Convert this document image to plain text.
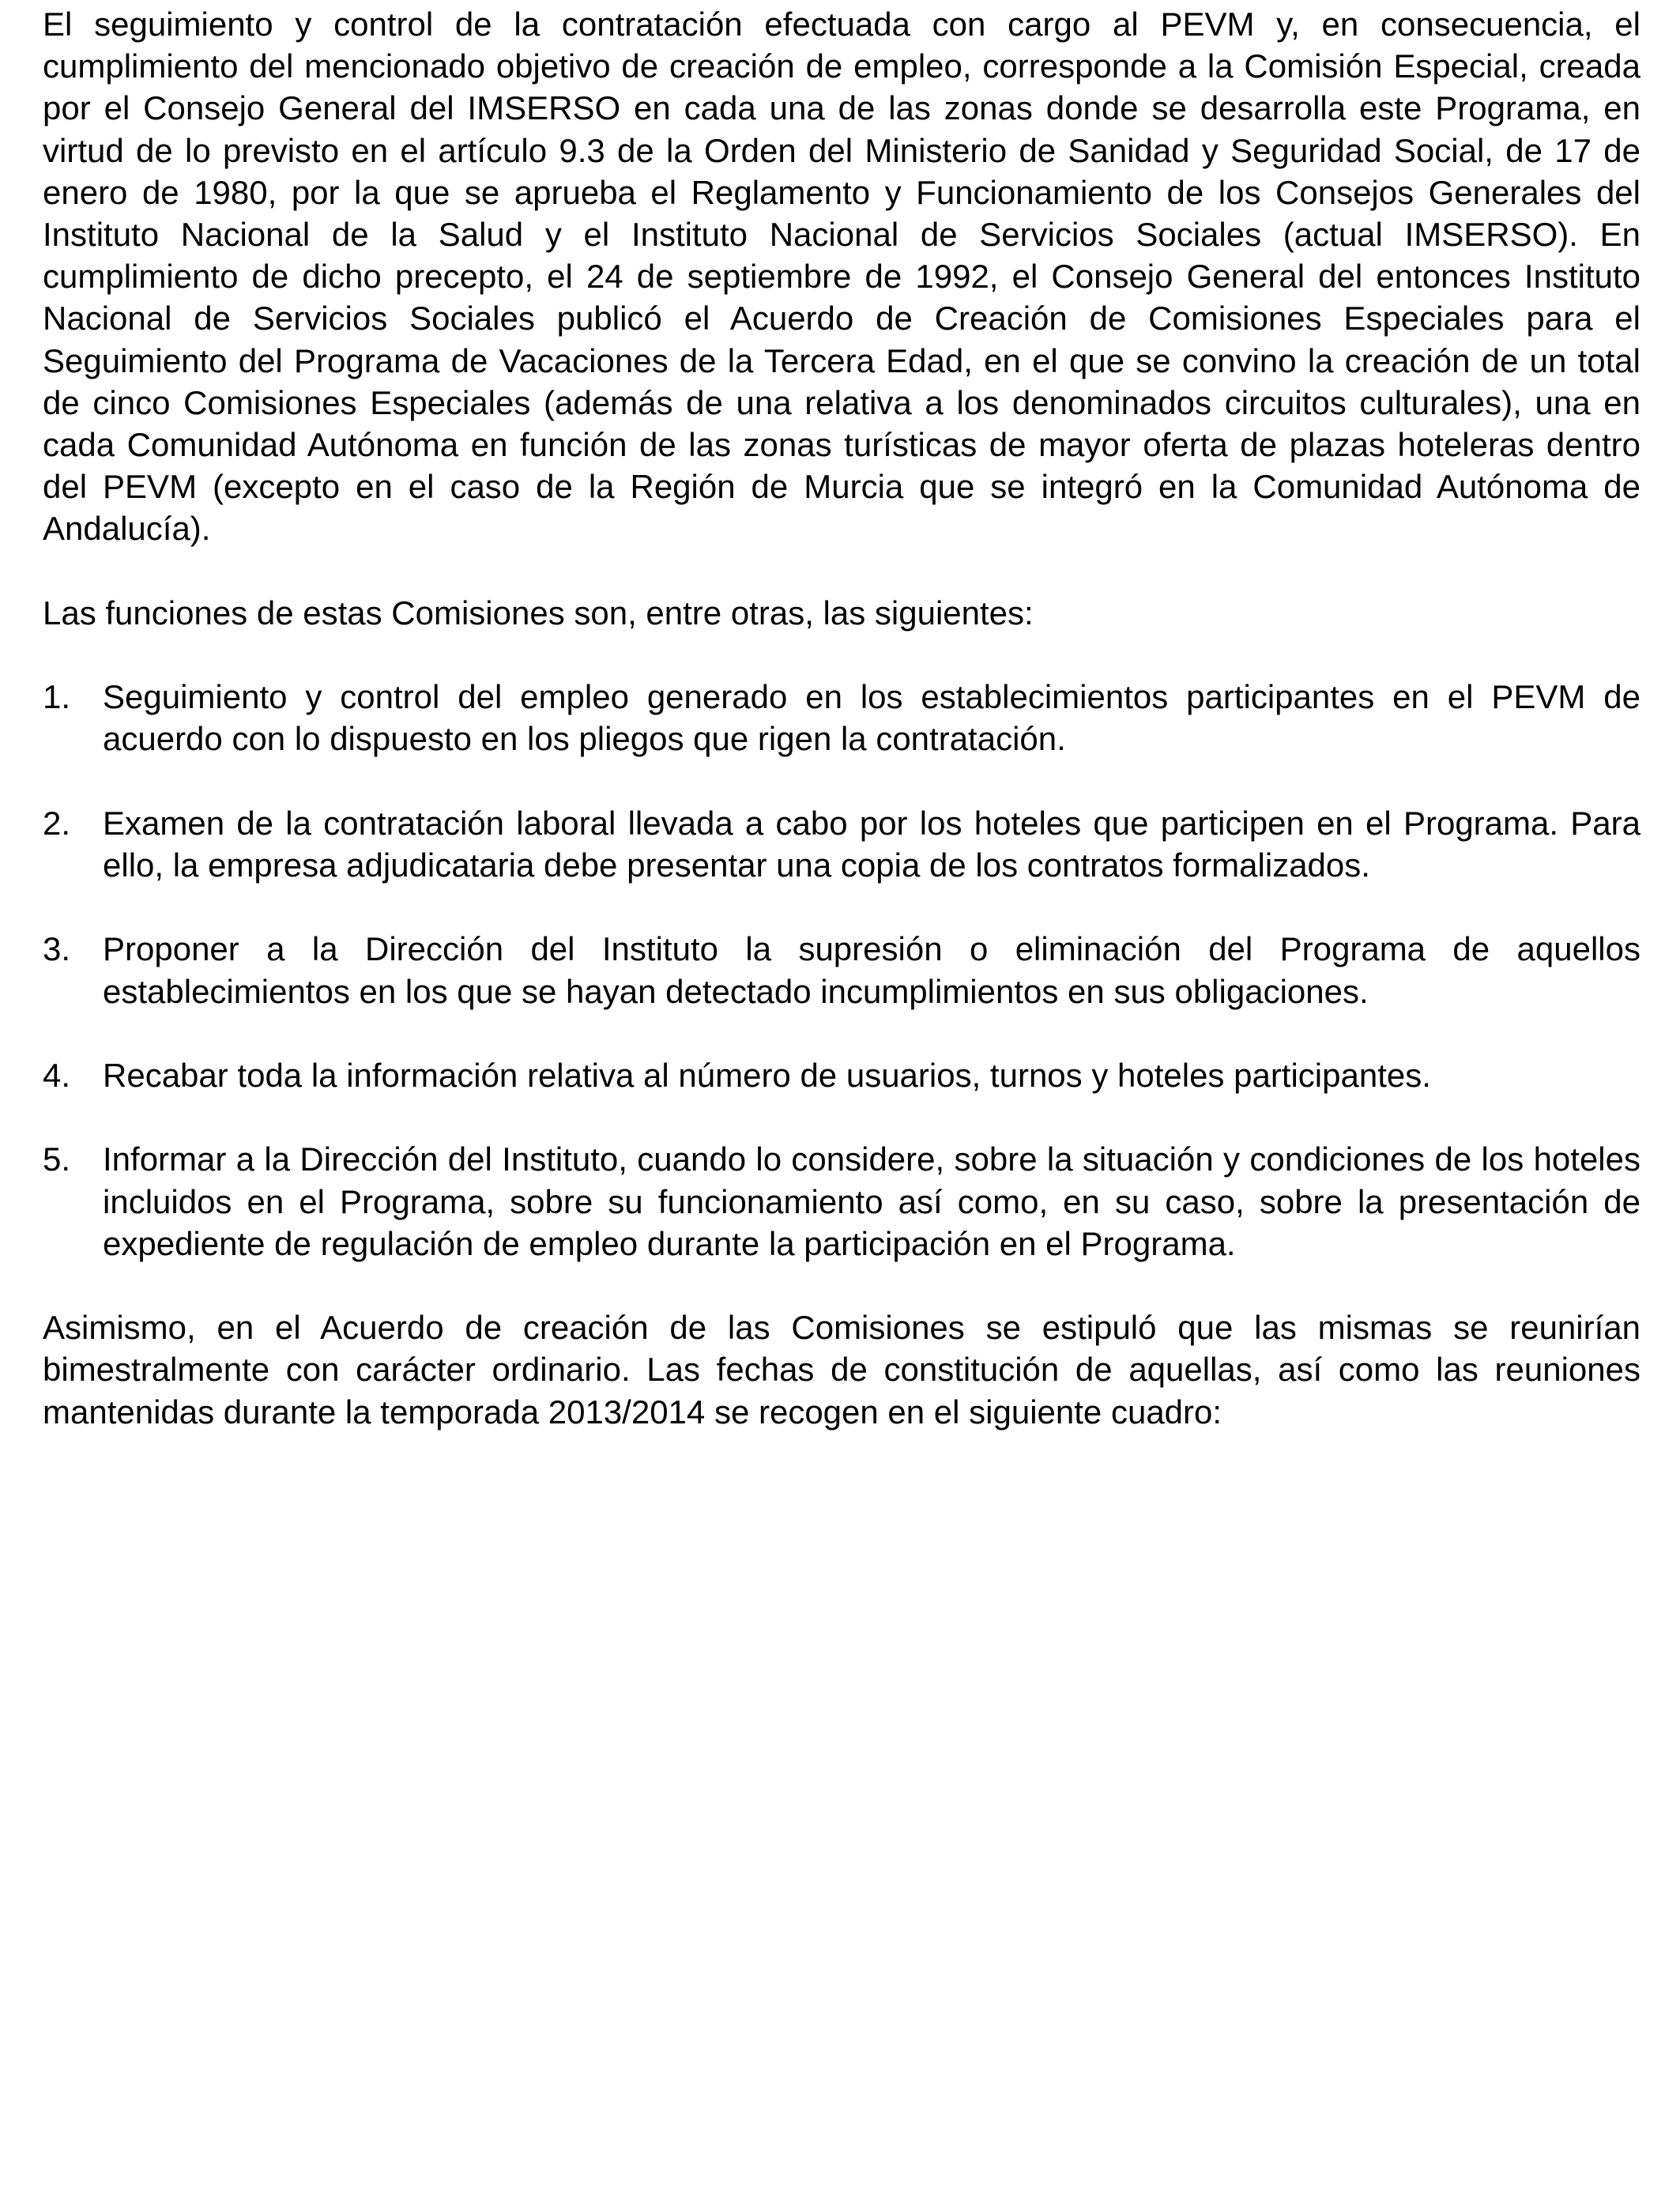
El seguimiento y control de la contratación efectuada con cargo al PEVM y, en consecuencia, el cumplimiento del mencionado objetivo de creación de empleo, corresponde a la Comisión Especial, creada por el Consejo General del IMSERSO en cada una de las zonas donde se desarrolla este Programa, en virtud de lo previsto en el artículo 9.3 de la Orden del Ministerio de Sanidad y Seguridad Social, de 17 de enero de 1980, por la que se aprueba el Reglamento y Funcionamiento de los Consejos Generales del Instituto Nacional de la Salud y el Instituto Nacional de Servicios Sociales (actual IMSERSO). En cumplimiento de dicho precepto, el 24 de septiembre de 1992, el Consejo General del entonces Instituto Nacional de Servicios Sociales publicó el Acuerdo de Creación de Comisiones Especiales para el Seguimiento del Programa de Vacaciones de la Tercera Edad, en el que se convino la creación de un total de cinco Comisiones Especiales (además de una relativa a los denominados circuitos culturales), una en cada Comunidad Autónoma en función de las zonas turísticas de mayor oferta de plazas hoteleras dentro del PEVM (excepto en el caso de la Región de Murcia que se integró en la Comunidad Autónoma de Andalucía).

Las funciones de estas Comisiones son, entre otras, las siguientes:

1. Seguimiento y control del empleo generado en los establecimientos participantes en el PEVM de acuerdo con lo dispuesto en los pliegos que rigen la contratación.
2. Examen de la contratación laboral llevada a cabo por los hoteles que participen en el Programa. Para ello, la empresa adjudicataria debe presentar una copia de los contratos formalizados.
3. Proponer a la Dirección del Instituto la supresión o eliminación del Programa de aquellos establecimientos en los que se hayan detectado incumplimientos en sus obligaciones.
4. Recabar toda la información relativa al número de usuarios, turnos y hoteles participantes.
5. Informar a la Dirección del Instituto, cuando lo considere, sobre la situación y condiciones de los hoteles incluidos en el Programa, sobre su funcionamiento así como, en su caso, sobre la presentación de expediente de regulación de empleo durante la participación en el Programa.

Asimismo, en el Acuerdo de creación de las Comisiones se estipuló que las mismas se reunirían bimestralmente con carácter ordinario. Las fechas de constitución de aquellas, así como las reuniones mantenidas durante la temporada 2013/2014 se recogen en el siguiente cuadro:
